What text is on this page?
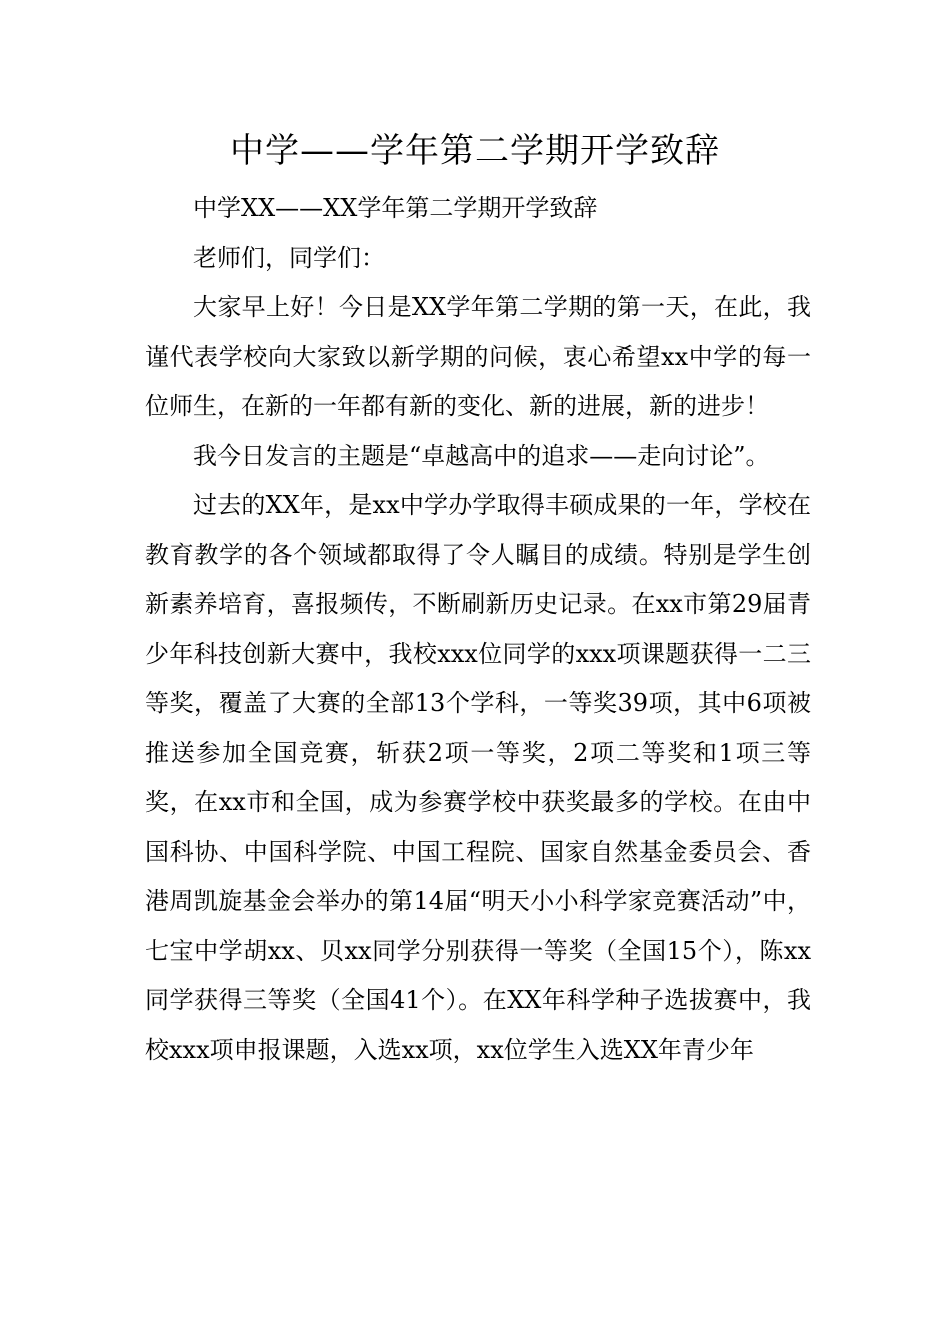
中学——学年第二学期开学致辞

中学XX——XX学年第二学期开学致辞

老师们，同学们：

大家早上好！今日是XX学年第二学期的第一天，在此，我谨代表学校向大家致以新学期的问候，衷心希望xx中学的每一位师生，在新的一年都有新的变化、新的进展，新的进步！

我今日发言的主题是“卓越高中的追求——走向讨论”。

过去的XX年，是xx中学办学取得丰硕成果的一年，学校在教育教学的各个领域都取得了令人瞩目的成绩。特别是学生创新素养培育，喜报频传，不断刷新历史记录。在xx市第29届青少年科技创新大赛中，我校xxx位同学的xxx项课题获得一二三等奖，覆盖了大赛的全部13个学科，一等奖39项，其中6项被推送参加全国竞赛，斩获2项一等奖，2项二等奖和1项三等奖，在xx市和全国，成为参赛学校中获奖最多的学校。在由中国科协、中国科学院、中国工程院、国家自然基金委员会、香港周凯旋基金会举办的第14届“明天小小科学家竞赛活动”中，七宝中学胡xx、贝xx同学分别获得一等奖（全国15个），陈xx同学获得三等奖（全国41个）。在XX年科学种子选拔赛中，我校xxx项申报课题，入选xx项，xx位学生入选XX年青少年
